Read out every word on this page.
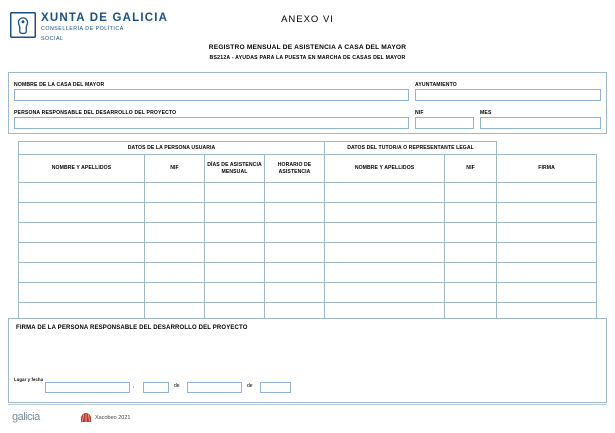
XUNTA DE GALICIA
CONSELLERÍA DE POLÍTICA
SOCIAL
ANEXO VI
REGISTRO MENSUAL DE ASISTENCIA A CASA DEL MAYOR
BS212A - AYUDAS PARA LA PUESTA EN MARCHA DE CASAS DEL MAYOR
NOMBRE DE LA CASA DEL MAYOR	AYUNTAMIENTO
PERSONA RESPONSABLE DEL DESARROLLO DEL PROYECTO	NIF	MES
DATOS DE LA PERSONA USUARIA				DATOS DEL TUTOR/A O REPRESENTANTE LEGAL		
NOMBRE Y APELLIDOS	NIF	DÍAS DE ASISTENCIA MENSUAL	HORARIO DE ASISTENCIA	NOMBRE Y APELLIDOS	NIF	FIRMA

FIRMA DE LA PERSONA RESPONSABLE DEL DESARROLLO DEL PROYECTO
Lugar y fecha
,	de	de
galicia	Xacobeo 2021
